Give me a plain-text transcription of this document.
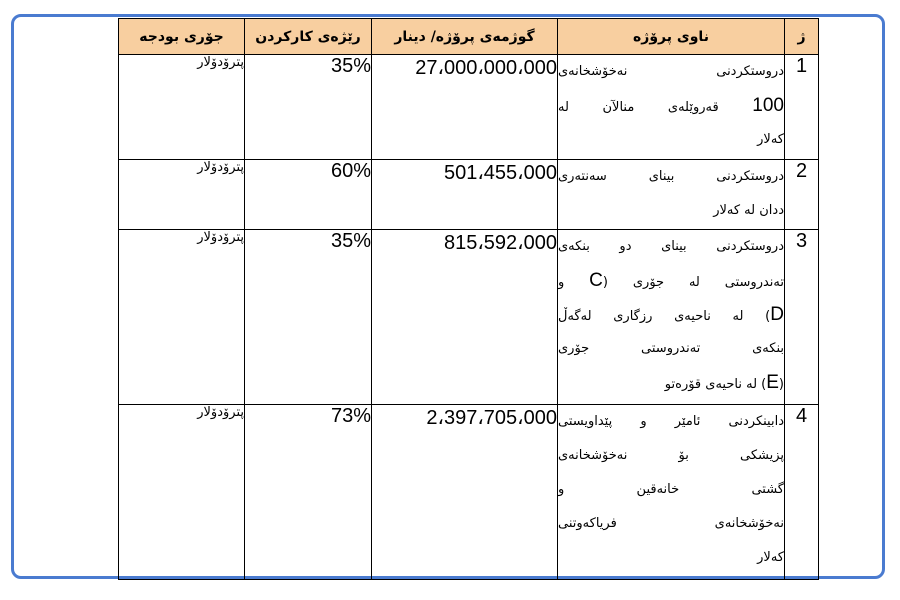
ژ	ناوی پرۆژە	گوژمەی پرۆژە/ دینار	رێژەی کارکردن	جۆری بودجە
1	دروستکردنی نەخۆشخانەی
100 قەروێلەی منالآن لە
کەلار	27،000،000،000	35%	پترۆدۆلار
2	دروستکردنی بینای سەنتەری
ددان لە کەلار	501،455،000	60%	پترۆدۆلار
3	دروستکردنی بینای دو بنکەی
تەندروستی لە جۆری (C و
D) لە ناحیەی رزگاری لەگەڵ
بنکەی تەندروستی جۆری
(E) لە ناحیەی قۆرەتو	815،592،000	35%	پترۆدۆلار
4	دابینکردنی ئامێر و پێداویستی
پزیشکی بۆ نەخۆشخانەی
گشتی خانەقین و
نەخۆشخانەی فریاکەوتنی
کەلار	2،397،705،000	73%	پترۆدۆلار
